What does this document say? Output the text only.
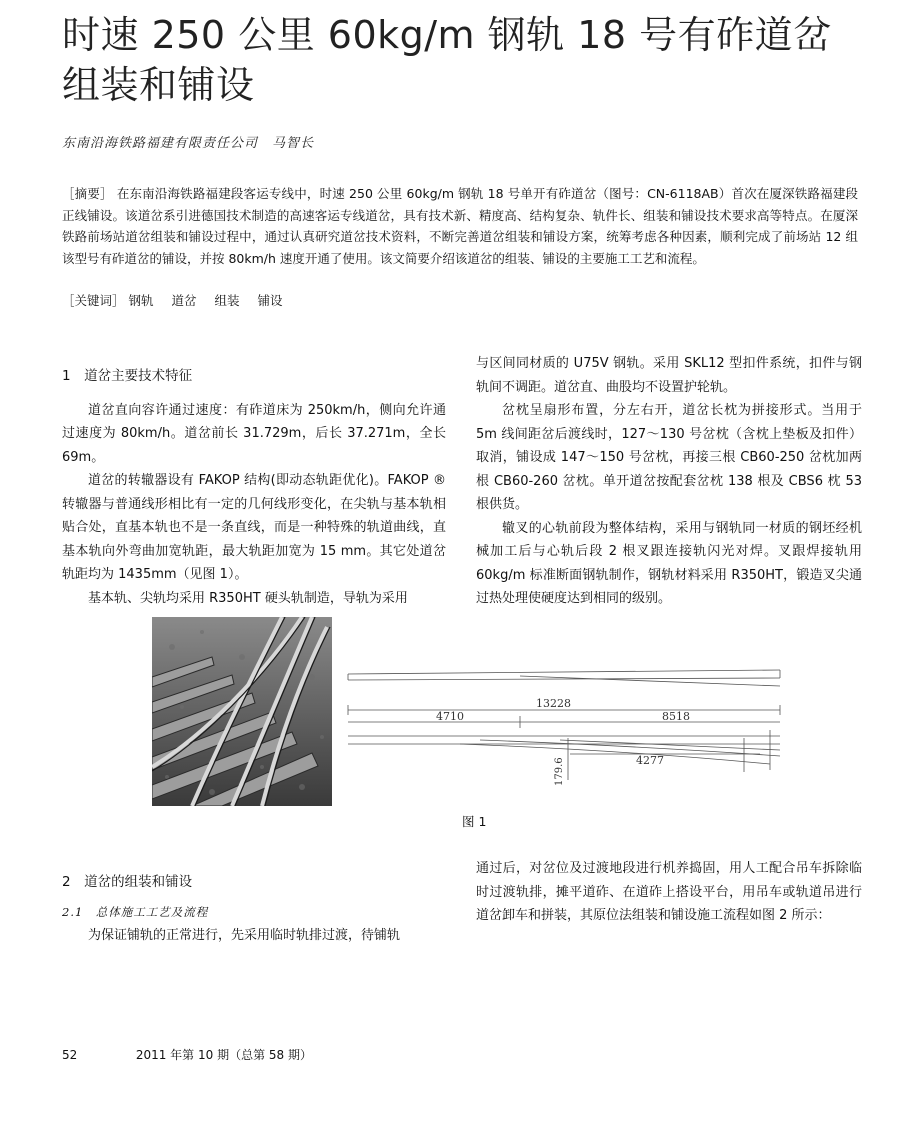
时速 250 公里 60kg/m 钢轨 18 号有砟道岔
组装和铺设
东南沿海铁路福建有限责任公司　马智长

［摘要］ 在东南沿海铁路福建段客运专线中，时速 250 公里 60kg/m 钢轨 18 号单开有砟道岔（图号：CN-6118AB）首次在厦深铁路福建段正线铺设。该道岔系引进德国技术制造的高速客运专线道岔，具有技术新、精度高、结构复杂、轨件长、组装和铺设技术要求高等特点。在厦深铁路前场站道岔组装和铺设过程中，通过认真研究道岔技术资料，不断完善道岔组装和铺设方案，统筹考虑各种因素，顺利完成了前场站 12 组该型号有砟道岔的铺设，并按 80km/h 速度开通了使用。该文简要介绍该道岔的组装、铺设的主要施工工艺和流程。

［关键词］ 钢轨 道岔 组装 铺设

1　道岔主要技术特征

道岔直向容许通过速度：有砟道床为 250km/h，侧向允许通过速度为 80km/h。道岔前长 31.729m，后长 37.271m，全长 69m。

道岔的转辙器设有 FAKOP 结构(即动态轨距优化)。FAKOP ®转辙器与普通线形相比有一定的几何线形变化，在尖轨与基本轨相贴合处，直基本轨也不是一条直线，而是一种特殊的轨道曲线，直基本轨向外弯曲加宽轨距，最大轨距加宽为 15 mm。其它处道岔轨距均为 1435mm（见图 1）。

基本轨、尖轨均采用 R350HT 硬头轨制造，导轨为采用

与区间同材质的 U75V 钢轨。采用 SKL12 型扣件系统，扣件与钢轨间不调距。道岔直、曲股均不设置护轮轨。

岔枕呈扇形布置，分左右开，道岔长枕为拼接形式。当用于 5m 线间距岔后渡线时，127～130 号岔枕（含枕上垫板及扣件）取消，铺设成 147～150 号岔枕，再接三根 CB60-250 岔枕加两根 CB60-260 岔枕。单开道岔按配套岔枕 138 根及 CBS6 枕 53 根供货。

辙叉的心轨前段为整体结构，采用与钢轨同一材质的钢坯经机械加工后与心轨后段 2 根叉跟连接轨闪光对焊。叉跟焊接轨用 60kg/m 标准断面钢轨制作，钢轨材料采用 R350HT，锻造叉尖通过热处理使硬度达到相同的级别。

13228
4710	8518
4277
179.6
图 1

2　道岔的组装和铺设

2.1　总体施工工艺及流程

为保证铺轨的正常进行，先采用临时轨排过渡，待铺轨

通过后，对岔位及过渡地段进行机养捣固，用人工配合吊车拆除临时过渡轨排，摊平道砟、在道砟上搭设平台，用吊车或轨道吊进行道岔卸车和拼装，其原位法组装和铺设施工流程如图 2 所示：

52	2011 年第 10 期（总第 58 期）
